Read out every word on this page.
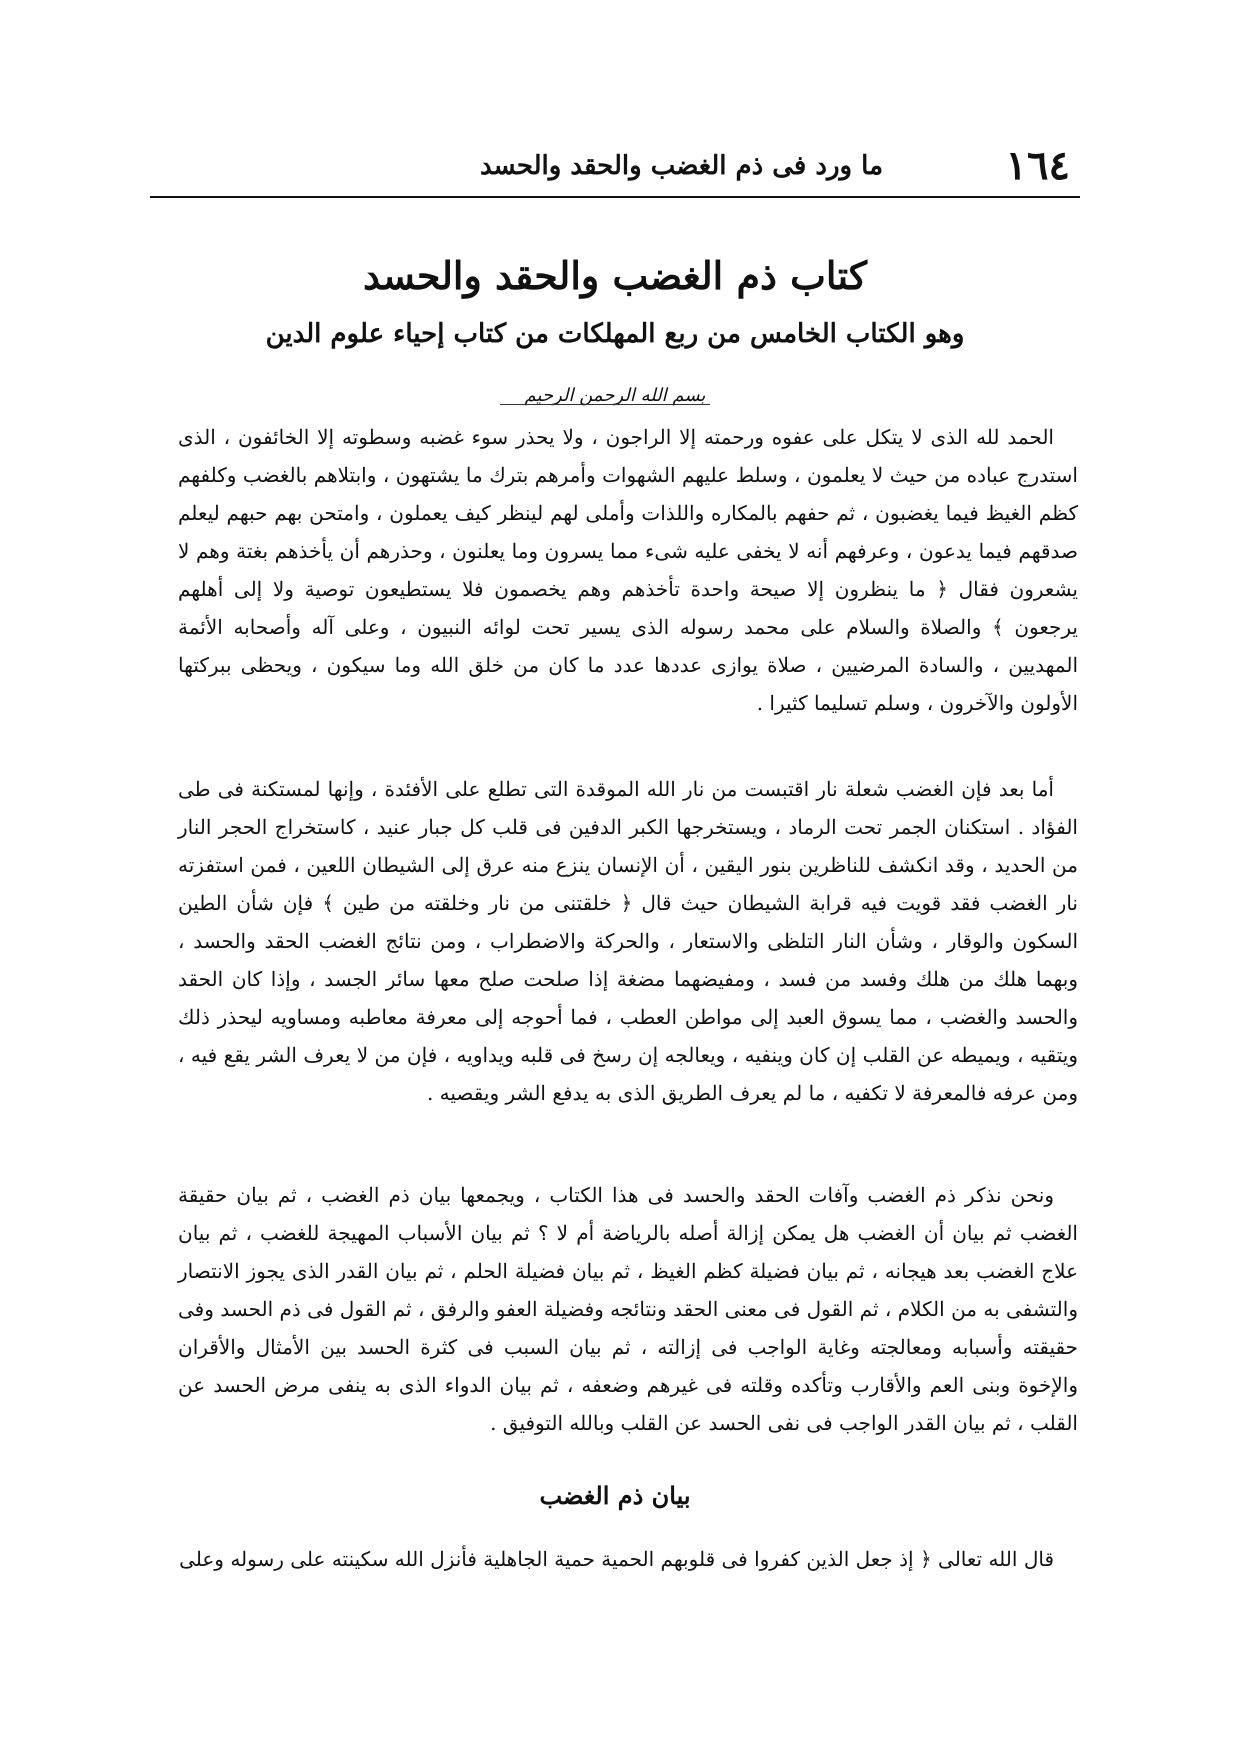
١٦٤
ما ورد فى ذم الغضب والحقد والحسد
كتاب ذم الغضب والحقد والحسد
وهو الكتاب الخامس من ربع المهلكات من كتاب إحياء علوم الدين
بسم الله الرحمن الرحيم

الحمد لله الذى لا يتكل على عفوه ورحمته إلا الراجون ، ولا يحذر سوء غضبه وسطوته إلا الخائفون ، الذى استدرج عباده من حيث لا يعلمون ، وسلط عليهم الشهوات وأمرهم بترك ما يشتهون ، وابتلاهم بالغضب وكلفهم كظم الغيظ فيما يغضبون ، ثم حفهم بالمكاره واللذات وأملى لهم لينظر كيف يعملون ، وامتحن بهم حبهم ليعلم صدقهم فيما يدعون ، وعرفهم أنه لا يخفى عليه شىء مما يسرون وما يعلنون ، وحذرهم أن يأخذهم بغتة وهم لا يشعرون فقال ﴿ ما ينظرون إلا صيحة واحدة تأخذهم وهم يخصمون فلا يستطيعون توصية ولا إلى أهلهم يرجعون ﴾ والصلاة والسلام على محمد رسوله الذى يسير تحت لوائه النبيون ، وعلى آله وأصحابه الأئمة المهديين ، والسادة المرضيين ، صلاة يوازى عددها عدد ما كان من خلق الله وما سيكون ، ويحظى ببركتها الأولون والآخرون ، وسلم تسليما كثيرا .

أما بعد فإن الغضب شعلة نار اقتبست من نار الله الموقدة التى تطلع على الأفئدة ، وإنها لمستكنة فى طى الفؤاد . استكنان الجمر تحت الرماد ، ويستخرجها الكبر الدفين فى قلب كل جبار عنيد ، كاستخراج الحجر النار من الحديد ، وقد انكشف للناظرين بنور اليقين ، أن الإنسان ينزع منه عرق إلى الشيطان اللعين ، فمن استفزته نار الغضب فقد قويت فيه قرابة الشيطان حيث قال ﴿ خلقتنى من نار وخلقته من طين ﴾ فإن شأن الطين السكون والوقار ، وشأن النار التلظى والاستعار ، والحركة والاضطراب ، ومن نتائج الغضب الحقد والحسد ، وبهما هلك من هلك وفسد من فسد ، ومفيضهما مضغة إذا صلحت صلح معها سائر الجسد ، وإذا كان الحقد والحسد والغضب ، مما يسوق العبد إلى مواطن العطب ، فما أحوجه إلى معرفة معاطبه ومساويه ليحذر ذلك ويتقيه ، ويميطه عن القلب إن كان وينفيه ، ويعالجه إن رسخ فى قلبه ويداويه ، فإن من لا يعرف الشر يقع فيه ، ومن عرفه فالمعرفة لا تكفيه ، ما لم يعرف الطريق الذى به يدفع الشر ويقصيه .

ونحن نذكر ذم الغضب وآفات الحقد والحسد فى هذا الكتاب ، ويجمعها بيان ذم الغضب ، ثم بيان حقيقة الغضب ثم بيان أن الغضب هل يمكن إزالة أصله بالرياضة أم لا ؟ ثم بيان الأسباب المهيجة للغضب ، ثم بيان علاج الغضب بعد هيجانه ، ثم بيان فضيلة كظم الغيظ ، ثم بيان فضيلة الحلم ، ثم بيان القدر الذى يجوز الانتصار والتشفى به من الكلام ، ثم القول فى معنى الحقد ونتائجه وفضيلة العفو والرفق ، ثم القول فى ذم الحسد وفى حقيقته وأسبابه ومعالجته وغاية الواجب فى إزالته ، ثم بيان السبب فى كثرة الحسد بين الأمثال والأقران والإخوة وبنى العم والأقارب وتأكده وقلته فى غيرهم وضعفه ، ثم بيان الدواء الذى به ينفى مرض الحسد عن القلب ، ثم بيان القدر الواجب فى نفى الحسد عن القلب وبالله التوفيق .

بيان ذم الغضب

قال الله تعالى ﴿ إذ جعل الذين كفروا فى قلوبهم الحمية حمية الجاهلية فأنزل الله سكينته على رسوله وعلى
